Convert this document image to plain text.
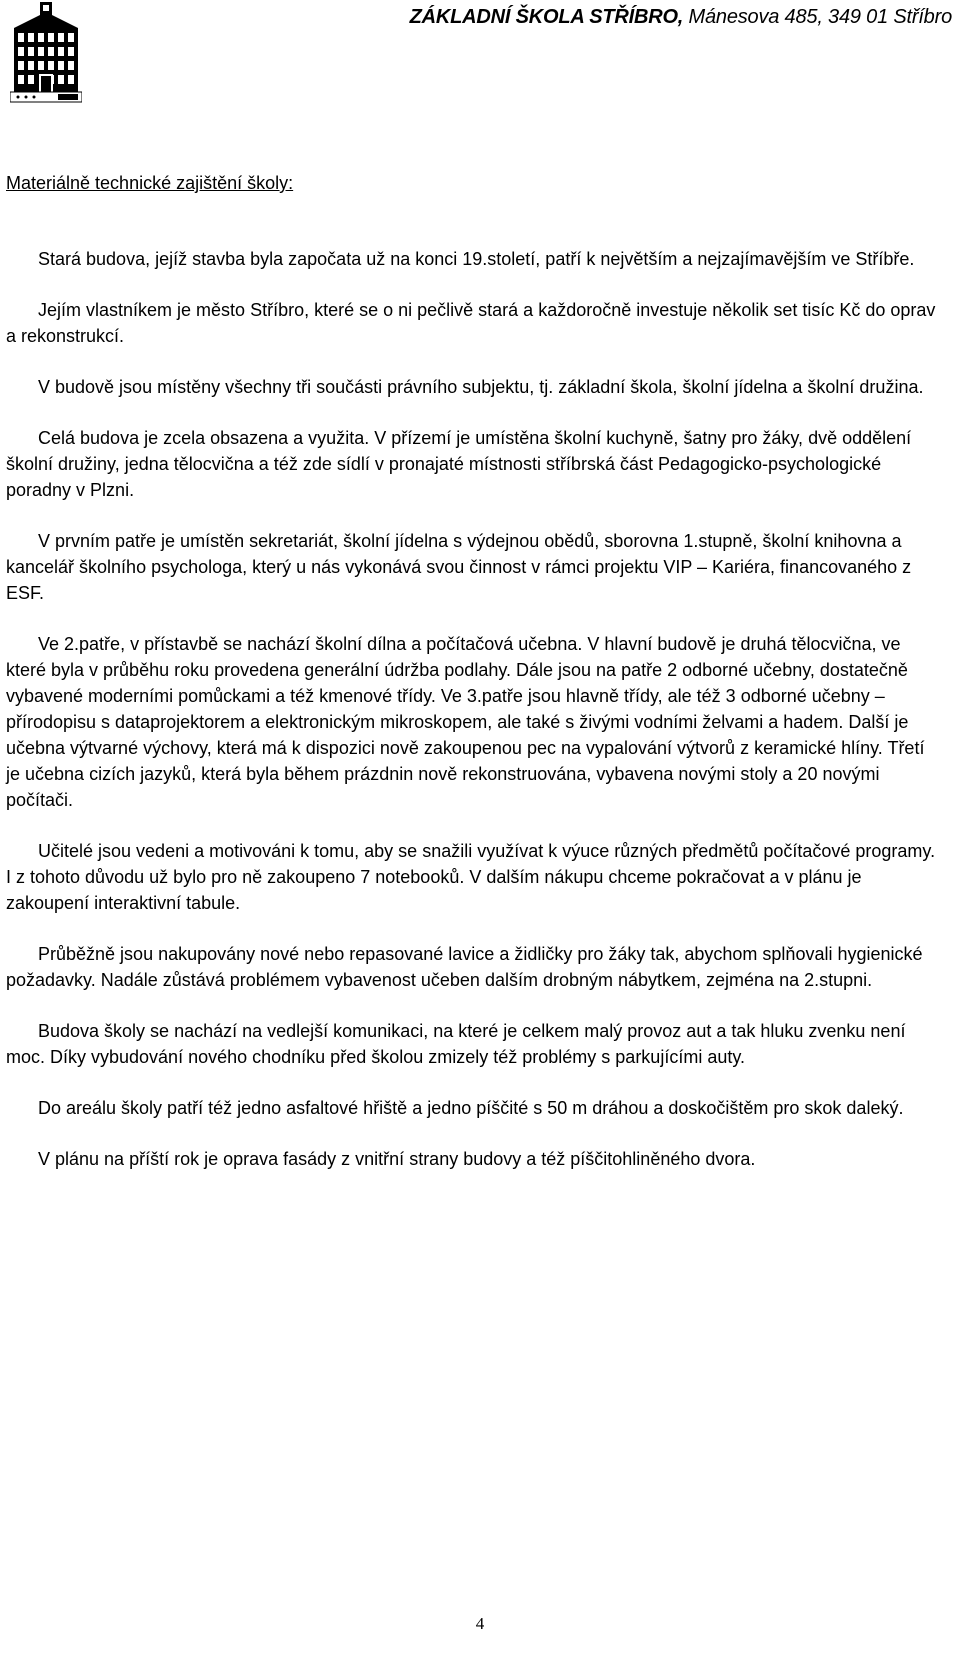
ZÁKLADNÍ ŠKOLA STŘÍBRO, Mánesova 485, 349 01 Stříbro
Materiálně technické zajištění školy:

Stará budova, jejíž stavba byla započata už na konci 19.století, patří k největším a nejzajímavějším ve Stříbře.

Jejím vlastníkem je město Stříbro, které se o ni pečlivě stará a každoročně investuje několik set tisíc Kč do oprav a rekonstrukcí.

V budově jsou místěny všechny tři součásti právního subjektu, tj. základní škola, školní jídelna a školní družina.

Celá budova je zcela obsazena a využita. V přízemí je umístěna školní kuchyně, šatny pro žáky, dvě oddělení školní družiny, jedna tělocvična a též zde sídlí v pronajaté místnosti stříbrská část Pedagogicko-psychologické poradny v Plzni.

V prvním patře je umístěn sekretariát, školní jídelna s výdejnou obědů, sborovna 1.stupně, školní knihovna a kancelář školního psychologa, který u nás vykonává svou činnost v rámci projektu VIP – Kariéra, financovaného z ESF.

Ve 2.patře, v přístavbě se nachází školní dílna a počítačová učebna. V hlavní budově je druhá tělocvična, ve které byla v průběhu roku provedena generální údržba podlahy. Dále jsou na patře 2 odborné učebny, dostatečně vybavené moderními pomůckami a též kmenové třídy. Ve 3.patře jsou hlavně třídy, ale též 3 odborné učebny – přírodopisu s dataprojektorem a elektronickým mikroskopem, ale také s živými vodními želvami a hadem. Další je učebna výtvarné výchovy, která má k dispozici nově zakoupenou pec na vypalování výtvorů z keramické hlíny. Třetí je učebna cizích jazyků, která byla během prázdnin nově rekonstruována, vybavena novými stoly a 20 novými počítači.

Učitelé jsou vedeni a motivováni k tomu, aby se snažili využívat k výuce různých předmětů počítačové programy. I z tohoto důvodu už bylo pro ně zakoupeno 7 notebooků. V dalším nákupu chceme pokračovat a v plánu je zakoupení interaktivní tabule.

Průběžně jsou nakupovány nové nebo repasované lavice a židličky pro žáky tak, abychom splňovali hygienické požadavky. Nadále zůstává problémem vybavenost učeben dalším drobným nábytkem, zejména na 2.stupni.

Budova školy se nachází na vedlejší komunikaci, na které je celkem malý provoz aut a tak hluku zvenku není moc. Díky vybudování nového chodníku před školou zmizely též problémy s parkujícími auty.

Do areálu školy patří též jedno asfaltové hřiště a jedno píščité s 50 m dráhou a doskočištěm pro skok daleký.

V plánu na příští rok je oprava fasády z vnitřní strany budovy a též píščitohliněného dvora.

4
